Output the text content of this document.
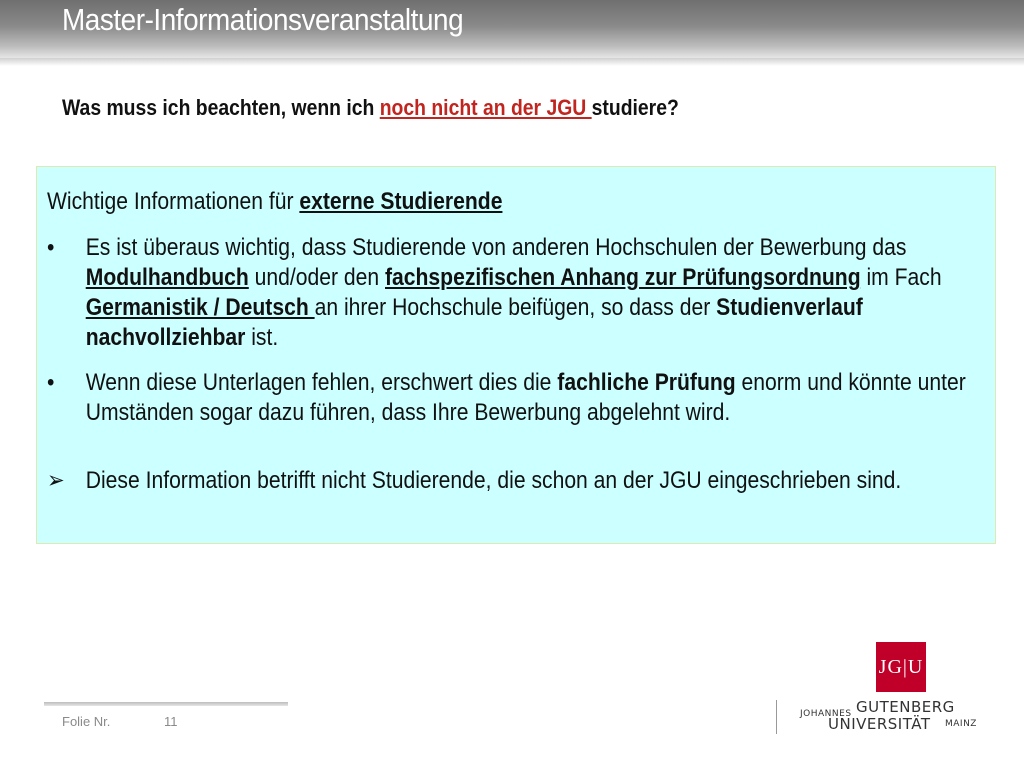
Master-Informationsveranstaltung
Was muss ich beachten, wenn ich noch nicht an der JGU studiere?
Wichtige Informationen für externe Studierende
• Es ist überaus wichtig, dass Studierende von anderen Hochschulen der Bewerbung das Modulhandbuch und/oder den fachspezifischen Anhang zur Prüfungsordnung im Fach Germanistik / Deutsch an ihrer Hochschule beifügen, so dass der Studienverlauf nachvollziehbar ist.
• Wenn diese Unterlagen fehlen, erschwert dies die fachliche Prüfung enorm und könnte unter Umständen sogar dazu führen, dass Ihre Bewerbung abgelehnt wird.
➢ Diese Information betrifft nicht Studierende, die schon an der JGU eingeschrieben sind.
Folie Nr.	11
JG|U
JOHANNES GUTENBERG
UNIVERSITÄT MAINZ
